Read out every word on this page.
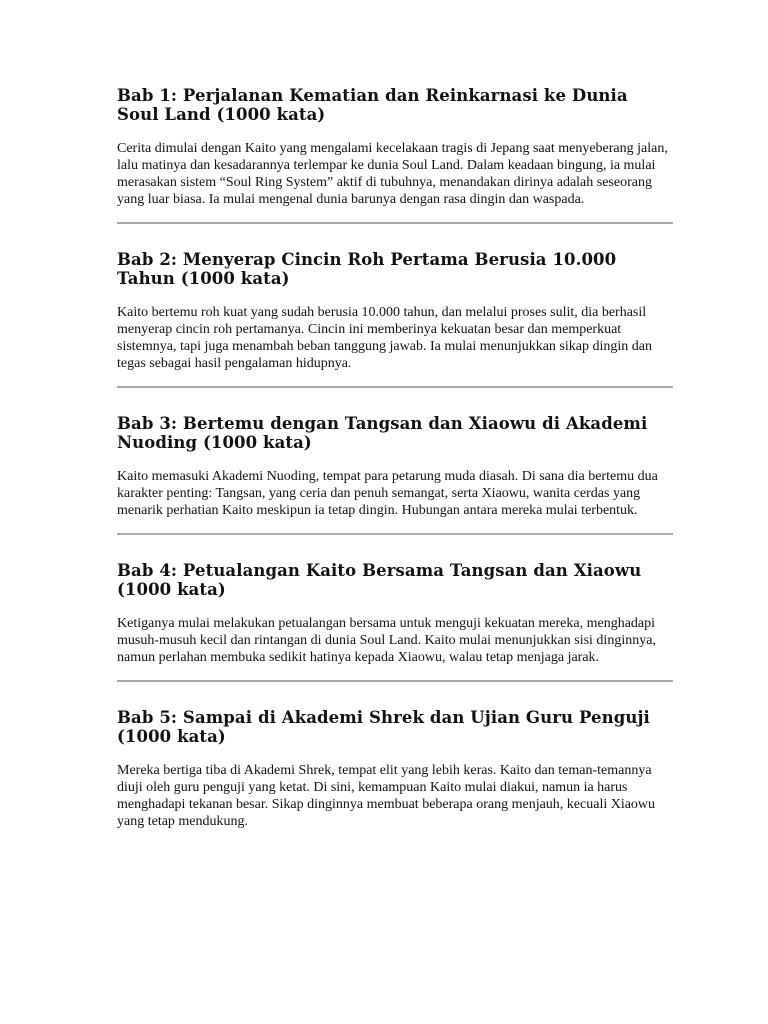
Bab 1: Perjalanan Kematian dan Reinkarnasi ke Dunia Soul Land (1000 kata)

Cerita dimulai dengan Kaito yang mengalami kecelakaan tragis di Jepang saat menyeberang jalan, lalu matinya dan kesadarannya terlempar ke dunia Soul Land. Dalam keadaan bingung, ia mulai merasakan sistem “Soul Ring System” aktif di tubuhnya, menandakan dirinya adalah seseorang yang luar biasa. Ia mulai mengenal dunia barunya dengan rasa dingin dan waspada.

Bab 2: Menyerap Cincin Roh Pertama Berusia 10.000 Tahun (1000 kata)

Kaito bertemu roh kuat yang sudah berusia 10.000 tahun, dan melalui proses sulit, dia berhasil menyerap cincin roh pertamanya. Cincin ini memberinya kekuatan besar dan memperkuat sistemnya, tapi juga menambah beban tanggung jawab. Ia mulai menunjukkan sikap dingin dan tegas sebagai hasil pengalaman hidupnya.

Bab 3: Bertemu dengan Tangsan dan Xiaowu di Akademi Nuoding (1000 kata)

Kaito memasuki Akademi Nuoding, tempat para petarung muda diasah. Di sana dia bertemu dua karakter penting: Tangsan, yang ceria dan penuh semangat, serta Xiaowu, wanita cerdas yang menarik perhatian Kaito meskipun ia tetap dingin. Hubungan antara mereka mulai terbentuk.

Bab 4: Petualangan Kaito Bersama Tangsan dan Xiaowu (1000 kata)

Ketiganya mulai melakukan petualangan bersama untuk menguji kekuatan mereka, menghadapi musuh-musuh kecil dan rintangan di dunia Soul Land. Kaito mulai menunjukkan sisi dinginnya, namun perlahan membuka sedikit hatinya kepada Xiaowu, walau tetap menjaga jarak.

Bab 5: Sampai di Akademi Shrek dan Ujian Guru Penguji (1000 kata)

Mereka bertiga tiba di Akademi Shrek, tempat elit yang lebih keras. Kaito dan teman-temannya diuji oleh guru penguji yang ketat. Di sini, kemampuan Kaito mulai diakui, namun ia harus menghadapi tekanan besar. Sikap dinginnya membuat beberapa orang menjauh, kecuali Xiaowu yang tetap mendukung.
